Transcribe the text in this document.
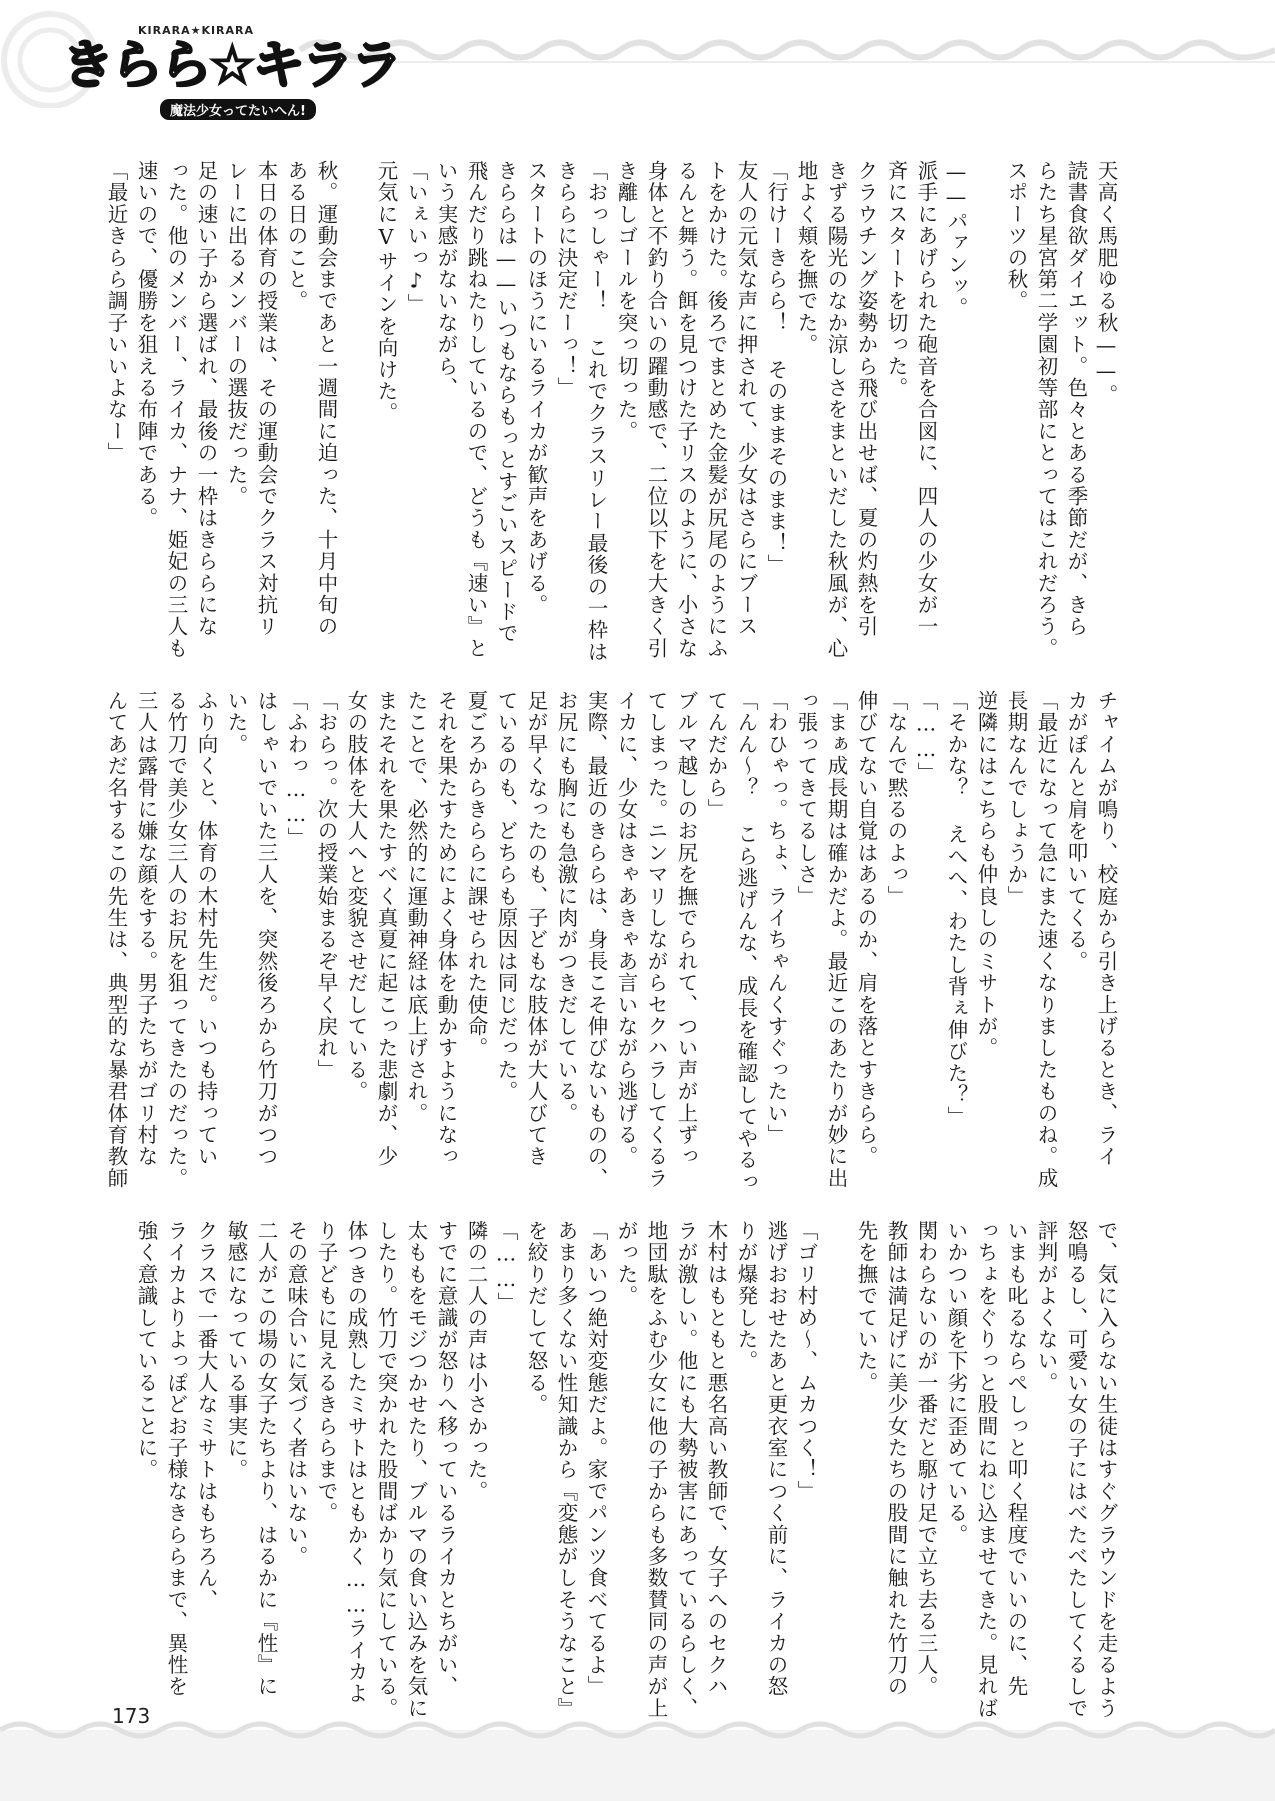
KIRARA★KIRARA
きらら☆キララ
魔法少女ってたいへん!

天高く馬肥ゆる秋——。
読書食欲ダイエット。色々とある季節だが、きら
らたち星宮第二学園初等部にとってはこれだろう。
スポーツの秋。

——パァンッ。
派手にあげられた砲音を合図に、四人の少女が一
斉にスタートを切った。
クラウチング姿勢から飛び出せば、夏の灼熱を引
きずる陽光のなか涼しさをまといだした秋風が、心
地よく頬を撫でた。
「行けーきらら！ そのままそのまま！」
友人の元気な声に押されて、少女はさらにブース
トをかけた。後ろでまとめた金髪が尻尾のようにふ
るんと舞う。餌を見つけた子リスのように、小さな
身体と不釣り合いの躍動感で、二位以下を大きく引
き離しゴールを突っ切った。
「おっしゃー！ これでクラスリレー最後の一枠は
きららに決定だーっ！」
スタートのほうにいるライカが歓声をあげる。
きららは——いつもならもっとすごいスピードで
飛んだり跳ねたりしているので、どうも『速い』と
いう実感がないながら、
「いぇいっ♪」
元気にVサインを向けた。

秋。運動会まであと一週間に迫った、十月中旬の
ある日のこと。
本日の体育の授業は、その運動会でクラス対抗リ
レーに出るメンバーの選抜だった。
足の速い子から選ばれ、最後の一枠はきららにな
った。他のメンバー、ライカ、ナナ、姫妃の三人も
速いので、優勝を狙える布陣である。
「最近きらら調子いいよなー」

チャイムが鳴り、校庭から引き上げるとき、ライ
カがぽんと肩を叩いてくる。
「最近になって急にまた速くなりましたものね。成
長期なんでしょうか」
逆隣にはこちらも仲良しのミサトが。
「そかな？ えへへ、わたし背ぇ伸びた？」
「……」
「なんで黙るのよっ」
伸びてない自覚はあるのか、肩を落とすきらら。
「まぁ成長期は確かだよ。最近このあたりが妙に出
っ張ってきてるしさ」
「わひゃっ。ちょ、ライちゃんくすぐったい」
「んん～？ こら逃げんな、成長を確認してやるっ
てんだから」
ブルマ越しのお尻を撫でられて、つい声が上ずっ
てしまった。ニンマリしながらセクハラしてくるラ
イカに、少女はきゃあきゃあ言いながら逃げる。
実際、最近のきららは、身長こそ伸びないものの、
お尻にも胸にも急激に肉がつきだしている。
足が早くなったのも、子どもな肢体が大人びてき
ているのも、どちらも原因は同じだった。
夏ごろからきららに課せられた使命。
それを果たすためによく身体を動かすようになっ
たことで、必然的に運動神経は底上げされ。
またそれを果たすべく真夏に起こった悲劇が、少
女の肢体を大人へと変貌させだしている。
「おらっ。次の授業始まるぞ早く戻れ」
「ふわっ……」
はしゃいでいた三人を、突然後ろから竹刀がつつ
いた。
ふり向くと、体育の木村先生だ。いつも持ってい
る竹刀で美少女三人のお尻を狙ってきたのだった。
三人は露骨に嫌な顔をする。男子たちがゴリ村な
んてあだ名するこの先生は、典型的な暴君体育教師

で、気に入らない生徒はすぐグラウンドを走るよう
怒鳴るし、可愛い女の子にはべたべたしてくるしで
評判がよくない。
いまも叱るならぺしっと叩く程度でいいのに、先
っちょをぐりっと股間にねじ込ませてきた。見れば
いかつい顔を下劣に歪めている。
関わらないのが一番だと駆け足で立ち去る三人。
教師は満足げに美少女たちの股間に触れた竹刀の
先を撫でていた。

「ゴリ村め～、ムカつく！」
逃げおおせたあと更衣室につく前に、ライカの怒
りが爆発した。
木村はもともと悪名高い教師で、女子へのセクハ
ラが激しい。他にも大勢被害にあっているらしく、
地団駄をふむ少女に他の子からも多数賛同の声が上
がった。
「あいつ絶対変態だよ。家でパンツ食べてるよ」
あまり多くない性知識から『変態がしそうなこと』
を絞りだして怒る。
「……」
隣の二人の声は小さかった。
すでに意識が怒りへ移っているライカとちがい、
太ももをモジつかせたり、ブルマの食い込みを気に
したり。竹刀で突かれた股間ばかり気にしている。
体つきの成熟したミサトはともかく……ライカよ
り子どもに見えるきららまで。
その意味合いに気づく者はいない。
二人がこの場の女子たちより、はるかに『性』に
敏感になっている事実に。
クラスで一番大人なミサトはもちろん、
ライカよりよっぽどお子様なきららまで、異性を
強く意識していることに。

173
